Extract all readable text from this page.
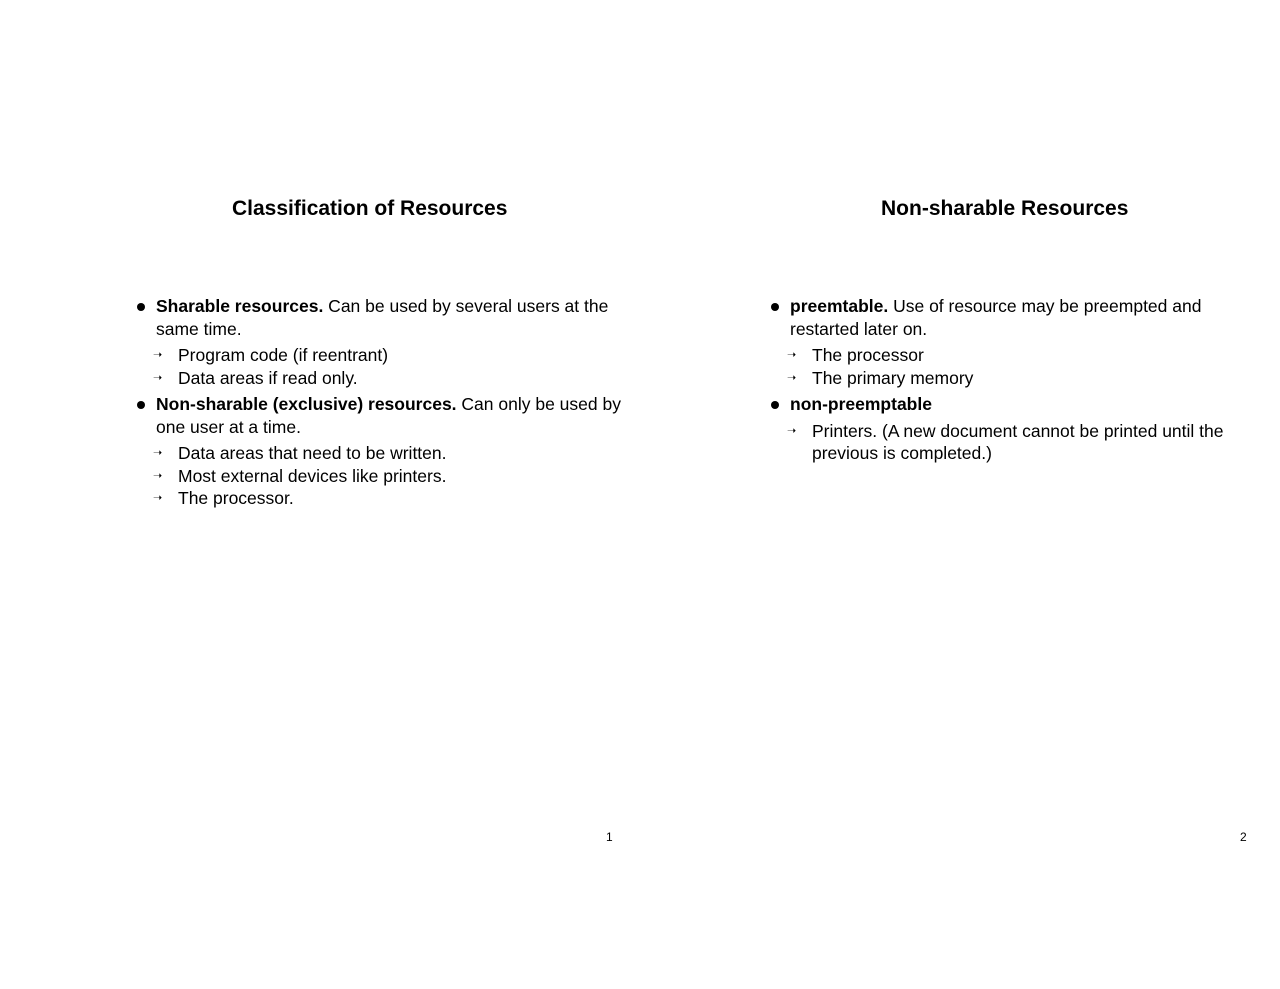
Classification of Resources
Sharable resources. Can be used by several users at the same time.
➝ Program code (if reentrant)
➝ Data areas if read only.
Non-sharable (exclusive) resources. Can only be used by one user at a time.
➝ Data areas that need to be written.
➝ Most external devices like printers.
➝ The processor.
1
Non-sharable Resources
preemtable. Use of resource may be preempted and restarted later on.
➝ The processor
➝ The primary memory
non-preemptable
➝ Printers. (A new document cannot be printed until the previous is completed.)
2
